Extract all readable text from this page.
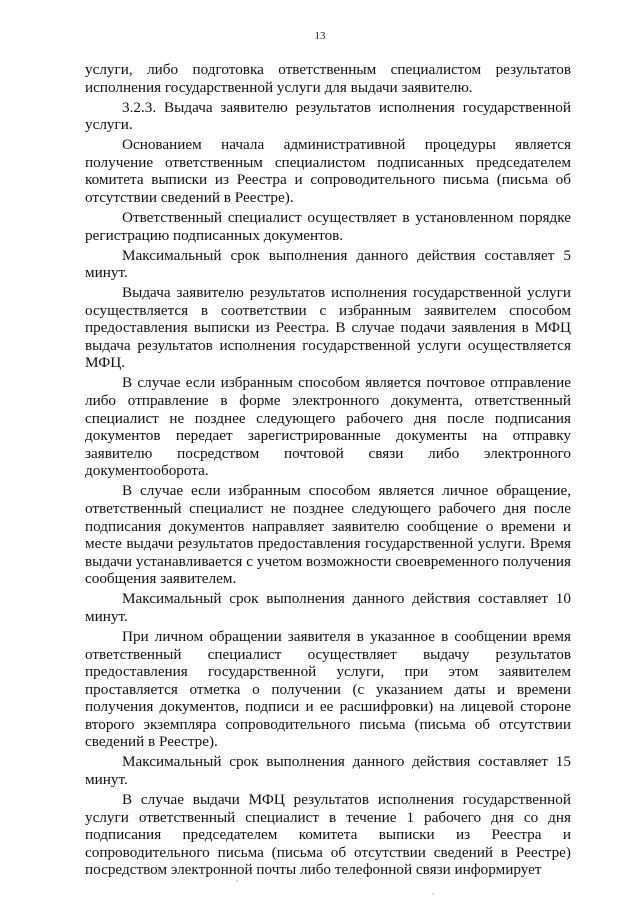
13

услуги, либо подготовка ответственным специалистом результатов исполнения государственной услуги для выдачи заявителю.

3.2.3. Выдача заявителю результатов исполнения государственной услуги.

Основанием начала административной процедуры является получение ответственным специалистом подписанных председателем комитета выписки из Реестра и сопроводительного письма (письма об отсутствии сведений в Реестре).

Ответственный специалист осуществляет в установленном порядке регистрацию подписанных документов.

Максимальный срок выполнения данного действия составляет 5 минут.

Выдача заявителю результатов исполнения государственной услуги осуществляется в соответствии с избранным заявителем способом предоставления выписки из Реестра. В случае подачи заявления в МФЦ выдача результатов исполнения государственной услуги осуществляется МФЦ.

В случае если избранным способом является почтовое отправление либо отправление в форме электронного документа, ответственный специалист не позднее следующего рабочего дня после подписания документов передает зарегистрированные документы на отправку заявителю посредством почтовой связи либо электронного документооборота.

В случае если избранным способом является личное обращение, ответственный специалист не позднее следующего рабочего дня после подписания документов направляет заявителю сообщение о времени и месте выдачи результатов предоставления государственной услуги. Время выдачи устанавливается с учетом возможности своевременного получения сообщения заявителем.

Максимальный срок выполнения данного действия составляет 10 минут.

При личном обращении заявителя в указанное в сообщении время ответственный специалист осуществляет выдачу результатов предоставления государственной услуги, при этом заявителем проставляется отметка о получении (с указанием даты и времени получения документов, подписи и ее расшифровки) на лицевой стороне второго экземпляра сопроводительного письма (письма об отсутствии сведений в Реестре).

Максимальный срок выполнения данного действия составляет 15 минут.

В случае выдачи МФЦ результатов исполнения государственной услуги ответственный специалист в течение 1 рабочего дня со дня подписания председателем комитета выписки из Реестра и сопроводительного письма (письма об отсутствии сведений в Реестре) посредством электронной почты либо телефонной связи информирует
